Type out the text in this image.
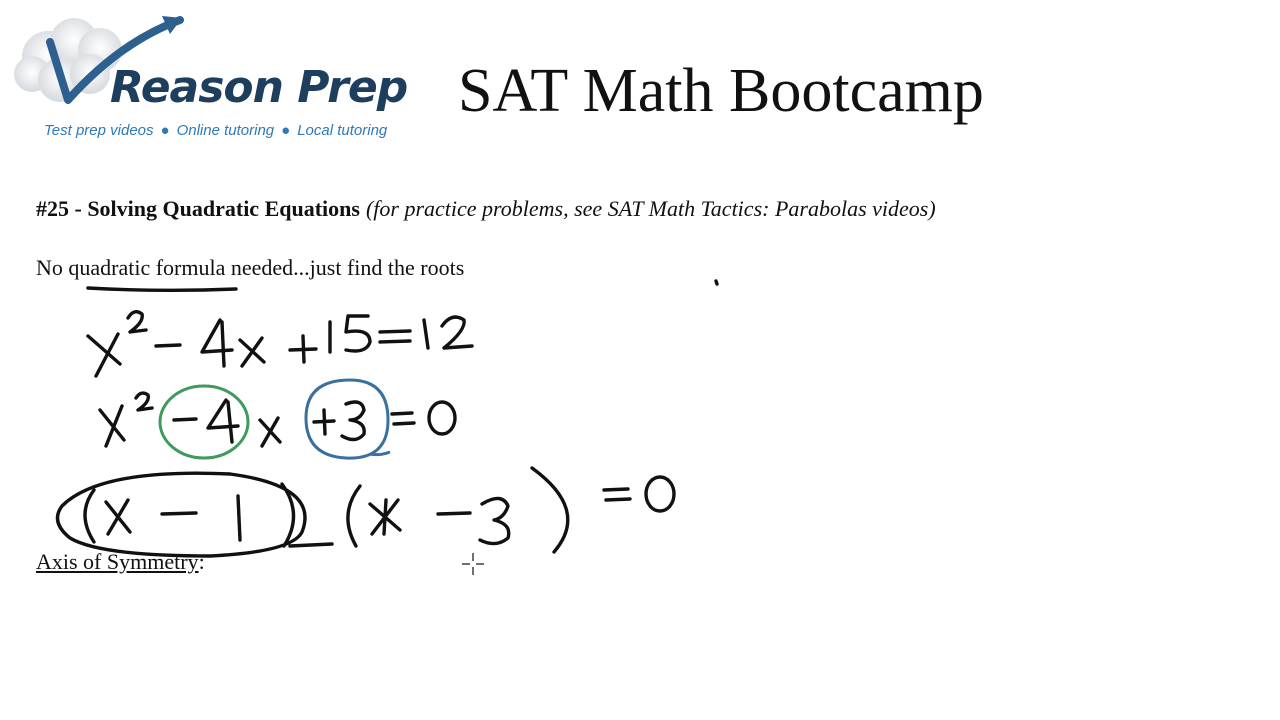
Reason Prep
Test prep videos ● Online tutoring ● Local tutoring
SAT Math Bootcamp
#25 - Solving Quadratic Equations (for practice problems, see SAT Math Tactics: Parabolas videos)
No quadratic formula needed...just find the roots
Axis of Symmetry:
